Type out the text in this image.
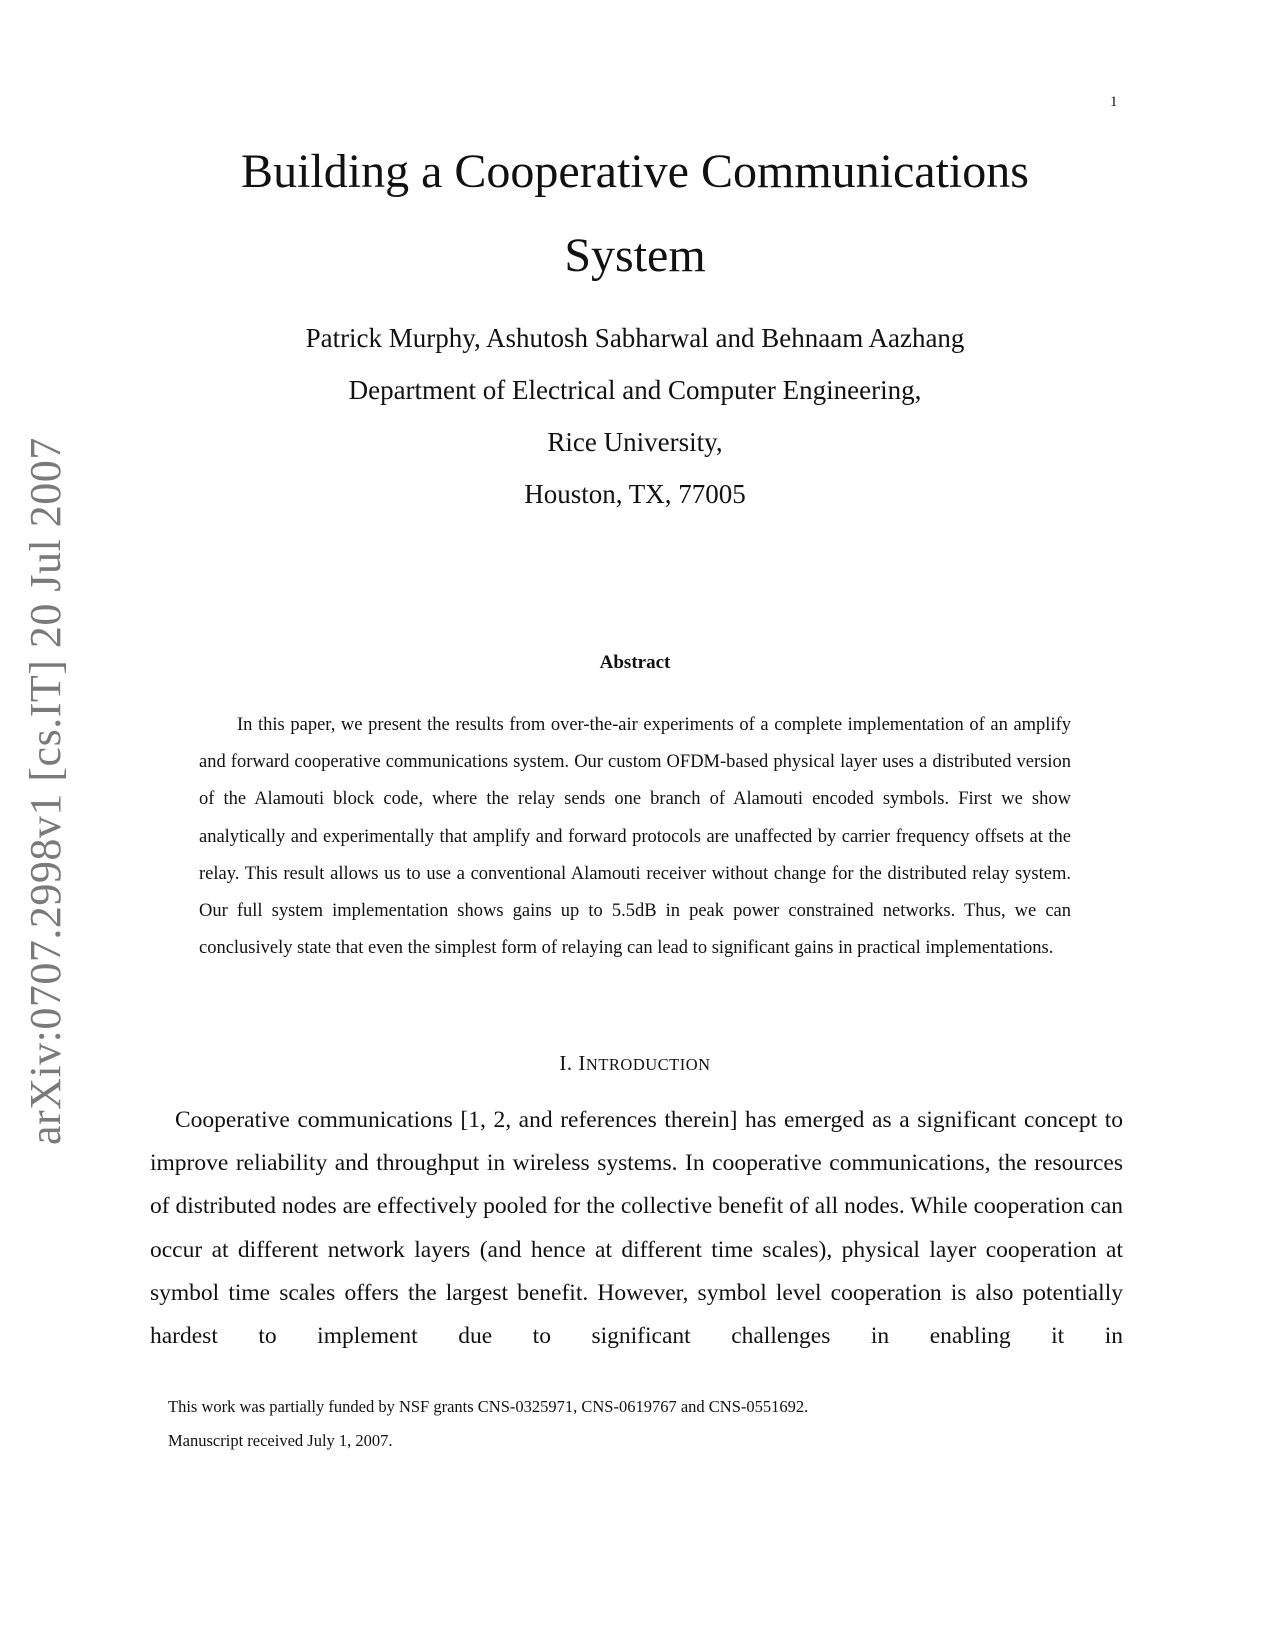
1
arXiv:0707.2998v1 [cs.IT] 20 Jul 2007
Building a Cooperative Communications
System
Patrick Murphy, Ashutosh Sabharwal and Behnaam Aazhang
Department of Electrical and Computer Engineering,
Rice University,
Houston, TX, 77005
Abstract

In this paper, we present the results from over-the-air experiments of a complete implementation of an amplify and forward cooperative communications system. Our custom OFDM-based physical layer uses a distributed version of the Alamouti block code, where the relay sends one branch of Alamouti encoded symbols. First we show analytically and experimentally that amplify and forward protocols are unaffected by carrier frequency offsets at the relay. This result allows us to use a conventional Alamouti receiver without change for the distributed relay system. Our full system implementation shows gains up to 5.5dB in peak power constrained networks. Thus, we can conclusively state that even the simplest form of relaying can lead to significant gains in practical implementations.

I. INTRODUCTION

Cooperative communications [1, 2, and references therein] has emerged as a significant concept to improve reliability and throughput in wireless systems. In cooperative communications, the resources of distributed nodes are effectively pooled for the collective benefit of all nodes. While cooperation can occur at different network layers (and hence at different time scales), physical layer cooperation at symbol time scales offers the largest benefit. However, symbol level cooperation is also potentially hardest to implement due to significant challenges in enabling it in

This work was partially funded by NSF grants CNS-0325971, CNS-0619767 and CNS-0551692.
Manuscript received July 1, 2007.
